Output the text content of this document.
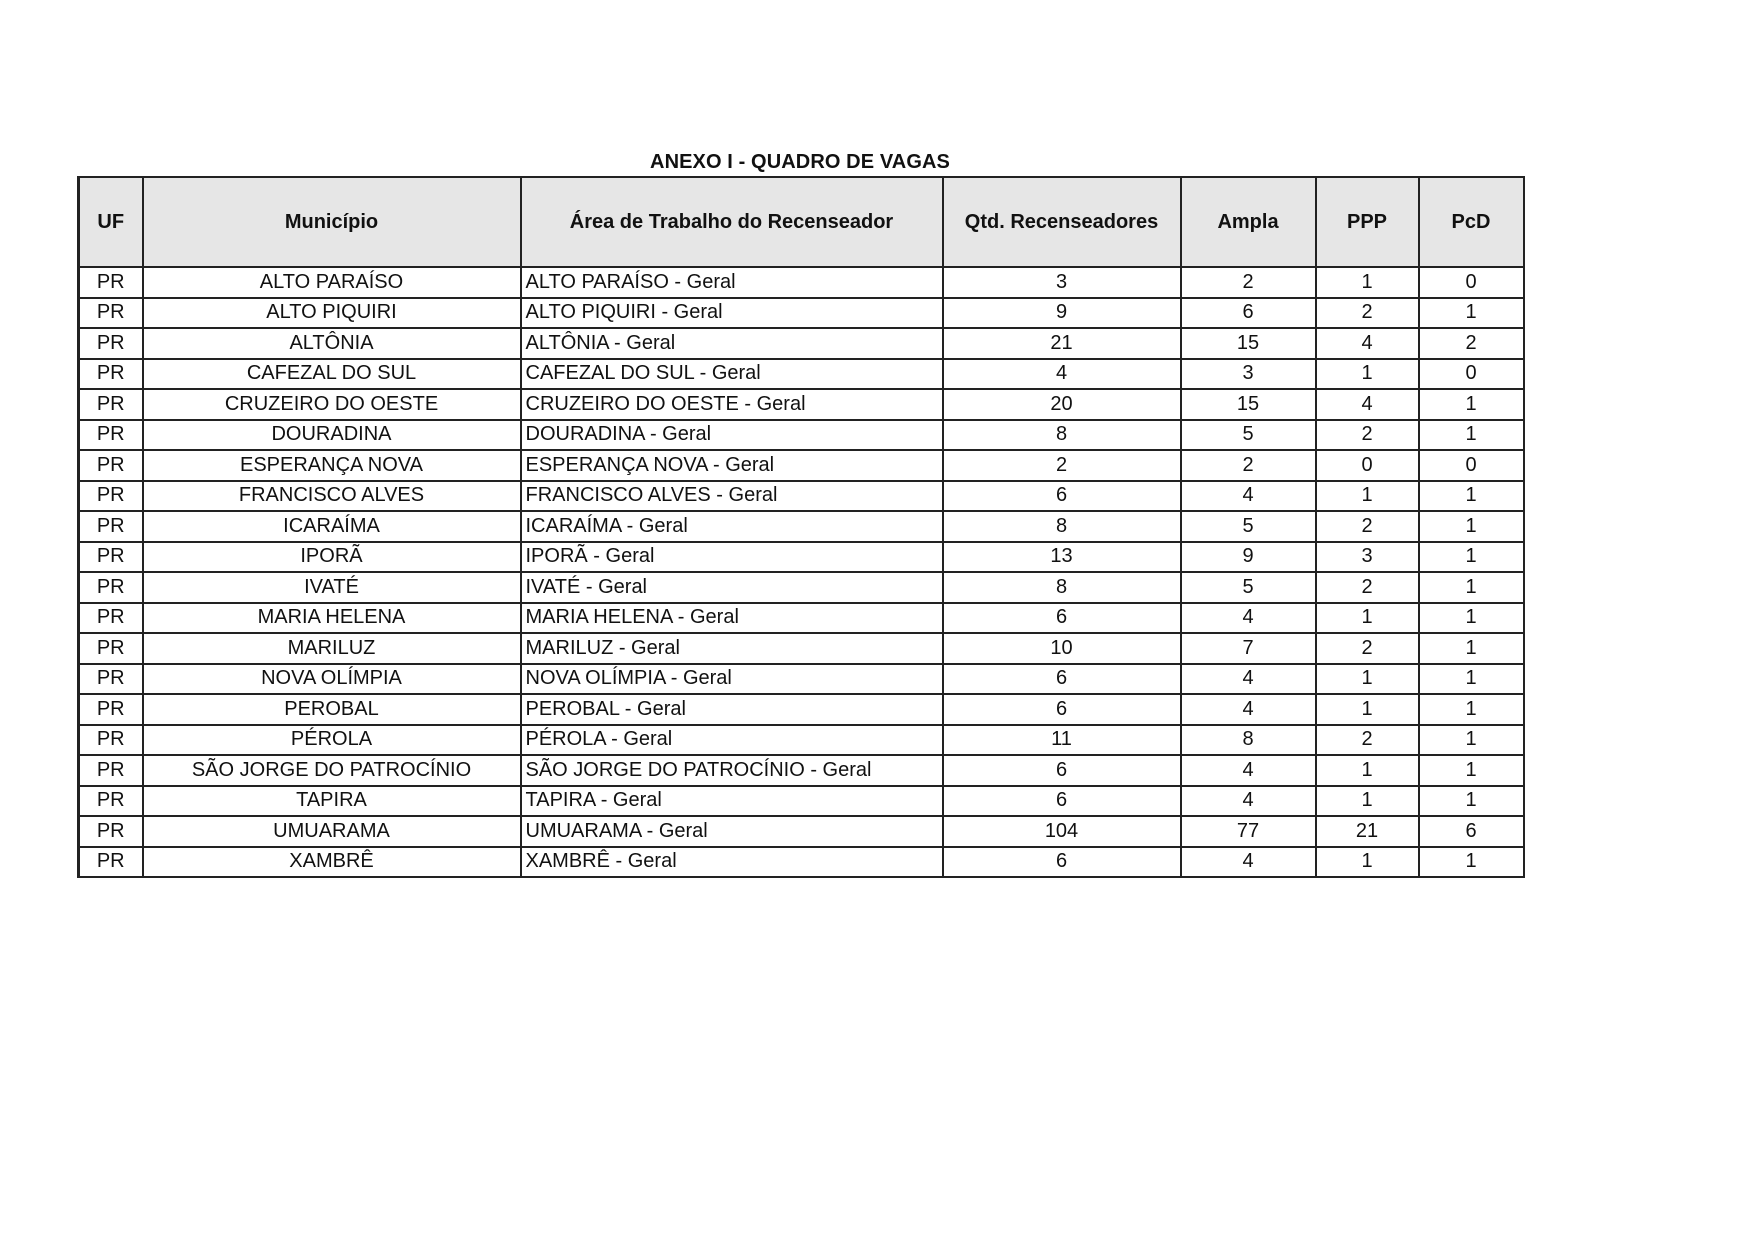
ANEXO I - QUADRO DE VAGAS
UF	Município	Área de Trabalho do Recenseador	Qtd. Recenseadores	Ampla	PPP	PcD
PR	ALTO PARAÍSO	ALTO PARAÍSO - Geral	3	2	1	0
PR	ALTO PIQUIRI	ALTO PIQUIRI - Geral	9	6	2	1
PR	ALTÔNIA	ALTÔNIA - Geral	21	15	4	2
PR	CAFEZAL DO SUL	CAFEZAL DO SUL - Geral	4	3	1	0
PR	CRUZEIRO DO OESTE	CRUZEIRO DO OESTE - Geral	20	15	4	1
PR	DOURADINA	DOURADINA - Geral	8	5	2	1
PR	ESPERANÇA NOVA	ESPERANÇA NOVA - Geral	2	2	0	0
PR	FRANCISCO ALVES	FRANCISCO ALVES - Geral	6	4	1	1
PR	ICARAÍMA	ICARAÍMA - Geral	8	5	2	1
PR	IPORÃ	IPORÃ - Geral	13	9	3	1
PR	IVATÉ	IVATÉ - Geral	8	5	2	1
PR	MARIA HELENA	MARIA HELENA - Geral	6	4	1	1
PR	MARILUZ	MARILUZ - Geral	10	7	2	1
PR	NOVA OLÍMPIA	NOVA OLÍMPIA - Geral	6	4	1	1
PR	PEROBAL	PEROBAL - Geral	6	4	1	1
PR	PÉROLA	PÉROLA - Geral	11	8	2	1
PR	SÃO JORGE DO PATROCÍNIO	SÃO JORGE DO PATROCÍNIO - Geral	6	4	1	1
PR	TAPIRA	TAPIRA - Geral	6	4	1	1
PR	UMUARAMA	UMUARAMA - Geral	104	77	21	6
PR	XAMBRÊ	XAMBRÊ - Geral	6	4	1	1
